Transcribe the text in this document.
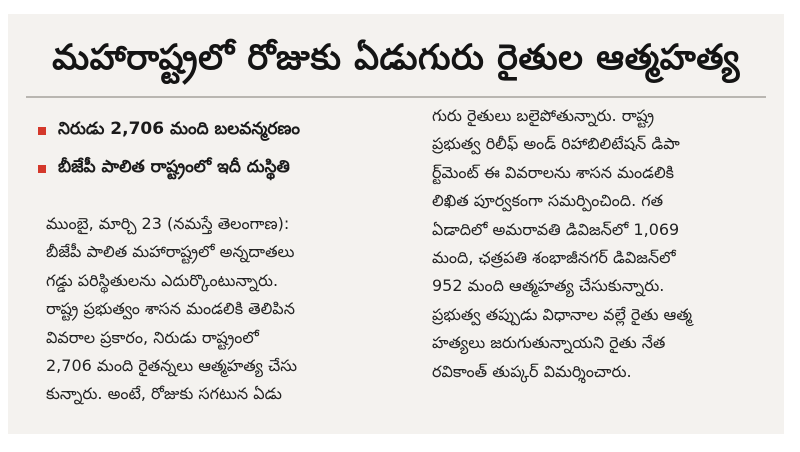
మహారాష్ట్రలో రోజుకు ఏడుగురు రైతుల ఆత్మహత్య
నిరుడు 2,706 మంది బలవన్మరణం
బీజేపీ పాలిత రాష్ట్రంలో ఇదీ దుస్థితి
ముంబై, మార్చి 23 (నమస్తే తెలంగాణ):
బీజేపీ పాలిత మహారాష్ట్రలో అన్నదాతలు
గడ్డు పరిస్థితులను ఎదుర్కొంటున్నారు.
రాష్ట్ర ప్రభుత్వం శాసన మండలికి తెలిపిన
వివరాల ప్రకారం, నిరుడు రాష్ట్రంలో
2,706 మంది రైతన్నలు ఆత్మహత్య చేసు
కున్నారు. అంటే, రోజుకు సగటున ఏడు
గురు రైతులు బలైపోతున్నారు. రాష్ట్ర
ప్రభుత్వ రిలీఫ్ అండ్ రిహాబిలిటేషన్ డిపా
ర్ట్‌మెంట్ ఈ వివరాలను శాసన మండలికి
లిఖిత పూర్వకంగా సమర్పించింది. గత
ఏడాదిలో అమరావతి డివిజన్‌లో 1,069
మంది, ఛత్రపతి శంభాజీనగర్ డివిజన్‌లో
952 మంది ఆత్మహత్య చేసుకున్నారు.
ప్రభుత్వ తప్పుడు విధానాల వల్లే రైతు ఆత్మ
హత్యలు జరుగుతున్నాయని రైతు నేత
రవికాంత్ తుప్కర్ విమర్శించారు.
